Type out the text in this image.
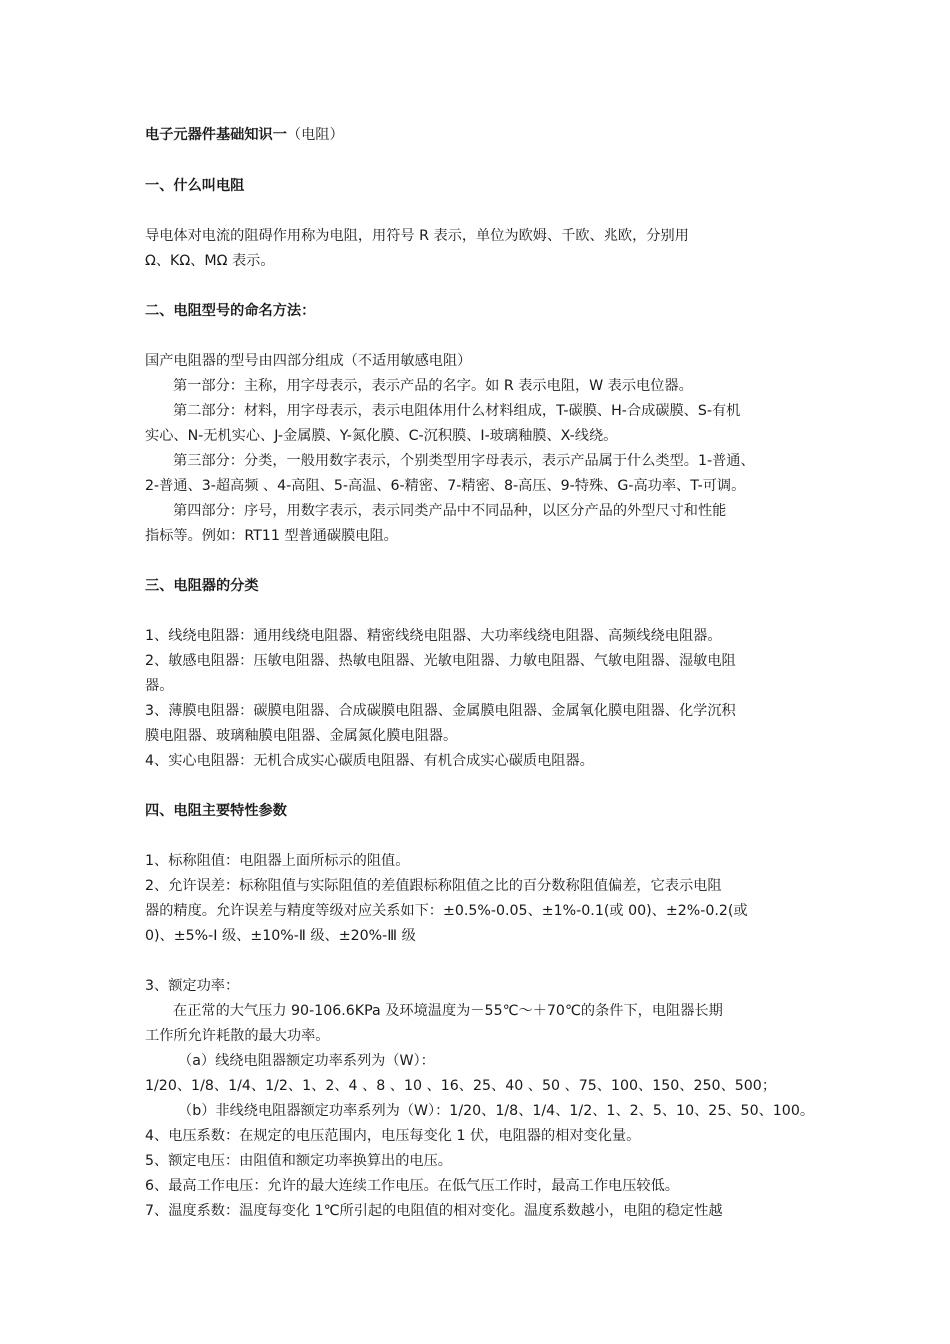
电子元器件基础知识一（电阻）
一、什么叫电阻
导电体对电流的阻碍作用称为电阻，用符号 R 表示，单位为欧姆、千欧、兆欧，分别用
Ω、KΩ、MΩ 表示。
二、电阻型号的命名方法：
国产电阻器的型号由四部分组成（不适用敏感电阻）
第一部分：主称，用字母表示，表示产品的名字。如 R 表示电阻，W 表示电位器。
第二部分：材料，用字母表示，表示电阻体用什么材料组成，T-碳膜、H-合成碳膜、S-有机
实心、N-无机实心、J-金属膜、Y-氮化膜、C-沉积膜、I-玻璃釉膜、X-线绕。
第三部分：分类，一般用数字表示，个别类型用字母表示，表示产品属于什么类型。1-普通、
2-普通、3-超高频 、4-高阻、5-高温、6-精密、7-精密、8-高压、9-特殊、G-高功率、T-可调。
第四部分：序号，用数字表示，表示同类产品中不同品种，以区分产品的外型尺寸和性能
指标等。例如：RT11 型普通碳膜电阻。
三、电阻器的分类
1、线绕电阻器：通用线绕电阻器、精密线绕电阻器、大功率线绕电阻器、高频线绕电阻器。
2、敏感电阻器：压敏电阻器、热敏电阻器、光敏电阻器、力敏电阻器、气敏电阻器、湿敏电阻
器。
3、薄膜电阻器：碳膜电阻器、合成碳膜电阻器、金属膜电阻器、金属氧化膜电阻器、化学沉积
膜电阻器、玻璃釉膜电阻器、金属氮化膜电阻器。
4、实心电阻器：无机合成实心碳质电阻器、有机合成实心碳质电阻器。
四、电阻主要特性参数
1、标称阻值：电阻器上面所标示的阻值。
2、允许误差：标称阻值与实际阻值的差值跟标称阻值之比的百分数称阻值偏差，它表示电阻
器的精度。允许误差与精度等级对应关系如下：±0.5%-0.05、±1%-0.1(或 00)、±2%-0.2(或
0)、±5%-Ⅰ 级、±10%-Ⅱ 级、±20%-Ⅲ 级
3、额定功率：
在正常的大气压力 90-106.6KPa 及环境温度为－55℃～＋70℃的条件下，电阻器长期
工作所允许耗散的最大功率。
（a）线绕电阻器额定功率系列为（W）：
1/20、1/8、1/4、1/2、1、2、4 、8 、10 、16、25、40 、50 、75、100、150、250、500；
（b）非线绕电阻器额定功率系列为（W）：1/20、1/8、1/4、1/2、1、2、5、10、25、50、100。
4、电压系数：在规定的电压范围内，电压每变化 1 伏，电阻器的相对变化量。
5、额定电压：由阻值和额定功率换算出的电压。
6、最高工作电压：允许的最大连续工作电压。在低气压工作时，最高工作电压较低。
7、温度系数：温度每变化 1℃所引起的电阻值的相对变化。温度系数越小，电阻的稳定性越
